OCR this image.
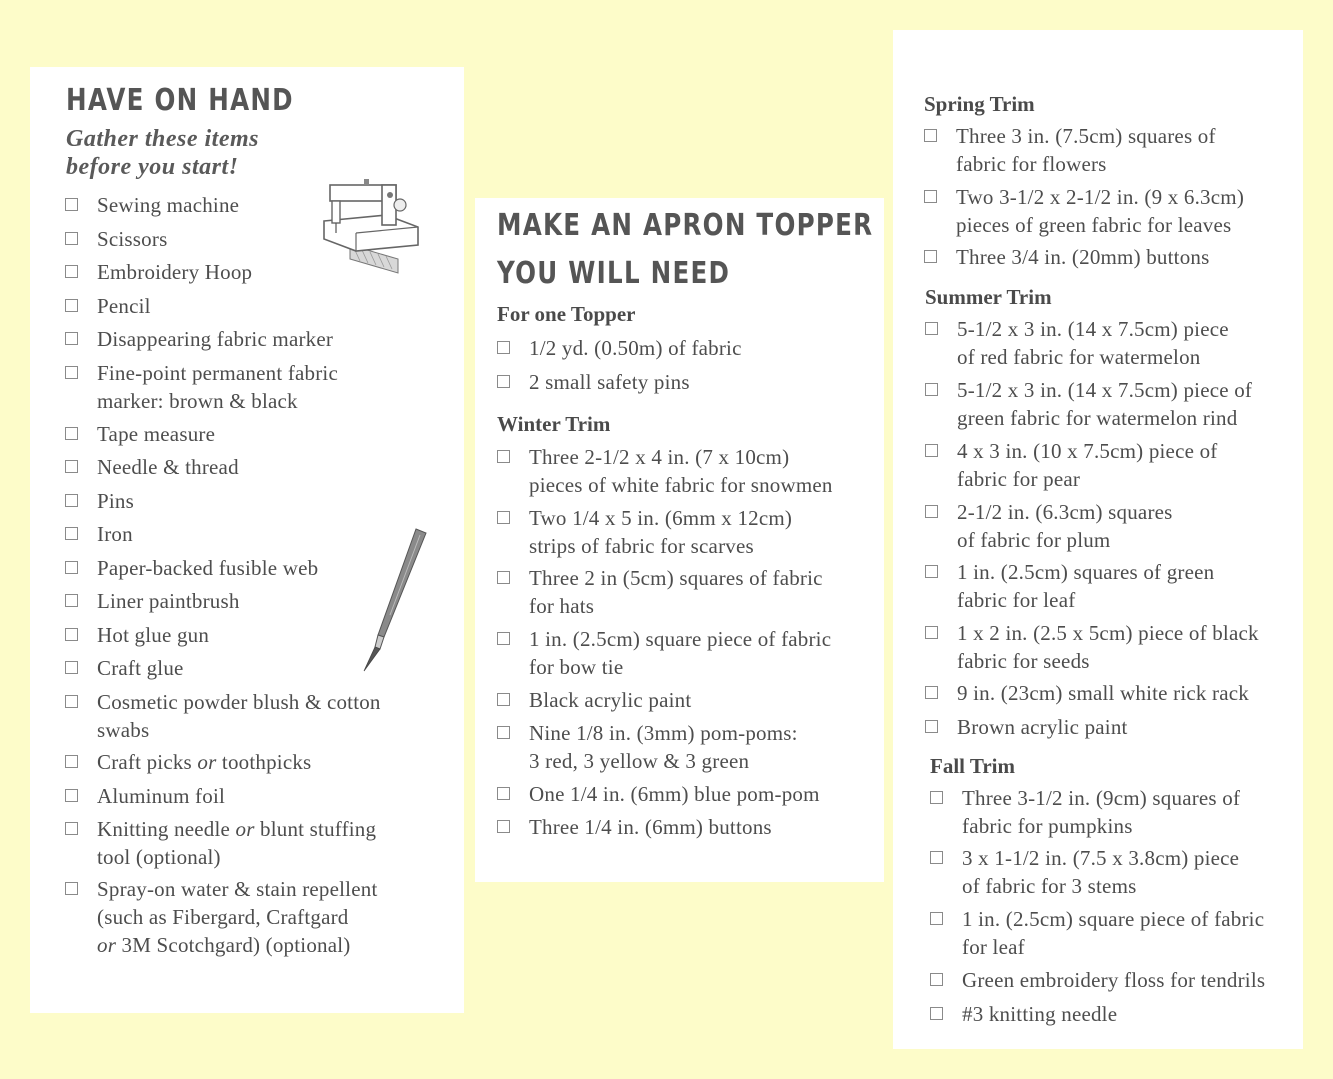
HAVE ON HAND
Gather these items
before you start!
Sewing machine
Scissors
Embroidery Hoop
Pencil
Disappearing fabric marker
Fine-point permanent fabric
marker: brown & black
Tape measure
Needle & thread
Pins
Iron
Paper-backed fusible web
Liner paintbrush
Hot glue gun
Craft glue
Cosmetic powder blush & cotton
swabs
Craft picks or toothpicks
Aluminum foil
Knitting needle or blunt stuffing
tool (optional)
Spray-on water & stain repellent
(such as Fibergard, Craftgard
or 3M Scotchgard) (optional)
MAKE AN APRON TOPPER
YOU WILL NEED
For one Topper
1/2 yd. (0.50m) of fabric
2 small safety pins
Winter Trim
Three 2-1/2 x 4 in. (7 x 10cm)
pieces of white fabric for snowmen
Two 1/4 x 5 in. (6mm x 12cm)
strips of fabric for scarves
Three 2 in (5cm) squares of fabric
for hats
1 in. (2.5cm) square piece of fabric
for bow tie
Black acrylic paint
Nine 1/8 in. (3mm) pom-poms:
3 red, 3 yellow & 3 green
One 1/4 in. (6mm) blue pom-pom
Three 1/4 in. (6mm) buttons
Spring Trim
Three 3 in. (7.5cm) squares of
fabric for flowers
Two 3-1/2 x 2-1/2 in. (9 x 6.3cm)
pieces of green fabric for leaves
Three 3/4 in. (20mm) buttons
Summer Trim
5-1/2 x 3 in. (14 x 7.5cm) piece
of red fabric for watermelon
5-1/2 x 3 in. (14 x 7.5cm) piece of
green fabric for watermelon rind
4 x 3 in. (10 x 7.5cm) piece of
fabric for pear
2-1/2 in. (6.3cm) squares
of fabric for plum
1 in. (2.5cm) squares of green
fabric for leaf
1 x 2 in. (2.5 x 5cm) piece of black
fabric for seeds
9 in. (23cm) small white rick rack
Brown acrylic paint
Fall Trim
Three 3-1/2 in. (9cm) squares of
fabric for pumpkins
3 x 1-1/2 in. (7.5 x 3.8cm) piece
of fabric for 3 stems
1 in. (2.5cm) square piece of fabric
for leaf
Green embroidery floss for tendrils
#3 knitting needle
